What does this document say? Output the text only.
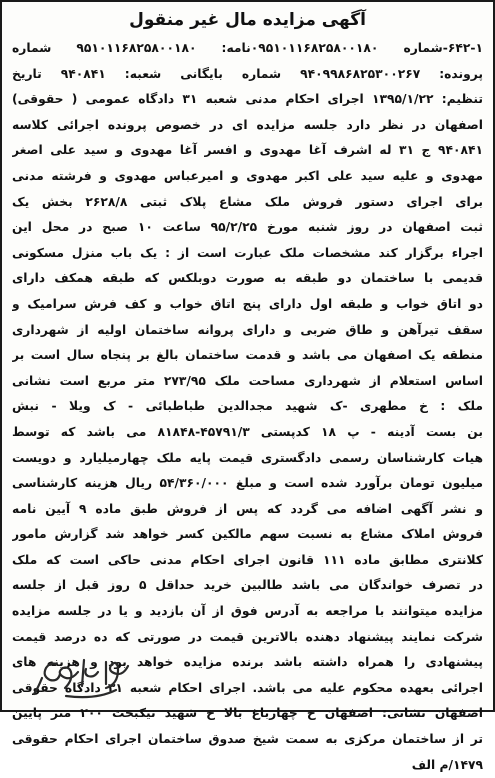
آگهی مزایده مال غیر منقول
۶۴۲-۱-شماره ۰۹۵۱۰۱۱۶۸۲۵۸۰۰۱۸۰نامه: ۹۵۱۰۱۱۶۸۲۵۸۰۰۱۸۰ شماره
پرونده: ۹۴۰۹۹۸۶۸۲۵۳۰۰۲۶۷ شماره بایگانی شعبه: ۹۴۰۸۴۱ تاریخ
تنظیم: ۱۳۹۵/۱/۲۲ اجرای احکام مدنی شعبه ۳۱ دادگاه عمومی ( حقوقی)
اصفهان در نظر دارد جلسه مزایده ای در خصوص پرونده اجرائی کلاسه
۹۴۰۸۴۱ ج ۳۱ له اشرف آغا مهدوی و افسر آغا مهدوی و سید علی اصغر
مهدوی و علیه سید علی اکبر مهدوی و امیرعباس مهدوی و فرشته مدنی
برای اجرای دستور فروش ملک مشاع پلاک ثبتی ۲۶۲۸/۸ بخش یک
ثبت اصفهان در روز شنبه مورخ ۹۵/۲/۲۵ ساعت ۱۰ صبح در محل این
اجراء برگزار کند مشخصات ملک عبارت است از : یک باب منزل مسکونی
قدیمی با ساختمان دو طبقه به صورت دوبلکس که طبقه همکف دارای
دو اتاق خواب و طبقه اول دارای پنج اتاق خواب و کف فرش سرامیک و
سقف تیرآهن و طاق ضربی و دارای پروانه ساختمان اولیه از شهرداری
منطقه یک اصفهان می باشد و قدمت ساختمان بالغ بر پنجاه سال است بر
اساس استعلام از شهرداری مساحت ملک ۲۷۳/۹۵ متر مربع است نشانی
ملک : خ مطهری -ک شهید مجدالدین طباطبائی - ک ویلا - نبش
بن بست آدینه - پ ۱۸ کدپستی ۴۵۷۹۱/۳-۸۱۸۴۸ می باشد که توسط
هیات کارشناسان رسمی دادگستری قیمت پایه ملک چهارمیلیارد و دویست
میلیون تومان برآورد شده است و مبلغ ۵۴/۳۶۰/۰۰۰ ریال هزینه کارشناسی
و نشر آگهی اضافه می گردد که پس از فروش طبق ماده ۹ آیین نامه
فروش املاک مشاع به نسبت سهم مالکین کسر خواهد شد گزارش مامور
کلانتری مطابق ماده ۱۱۱ قانون اجرای احکام مدنی حاکی است که ملک
در تصرف خواندگان می باشد طالبین خرید حداقل ۵ روز قبل از جلسه
مزایده میتوانند با مراجعه به آدرس فوق از آن بازدید و یا در جلسه مزایده
شرکت نمایند پیشنهاد دهنده بالاترین قیمت در صورتی که ده درصد قیمت
پیشنهادی را همراه داشته باشد برنده مزایده خواهد بود و هزینه های
اجرائی بعهده محکوم علیه می باشد. اجرای احکام شعبه ۳۱ دادگاه حقوقی
اصفهان نشانی: اصفهان خ چهارباغ بالا خ شهید نیکبخت ۲۰۰ متر پایین
تر از ساختمان مرکزی به سمت شیخ صدوق ساختمان اجرای احکام حقوقی
۱۴۷۹/م الف
